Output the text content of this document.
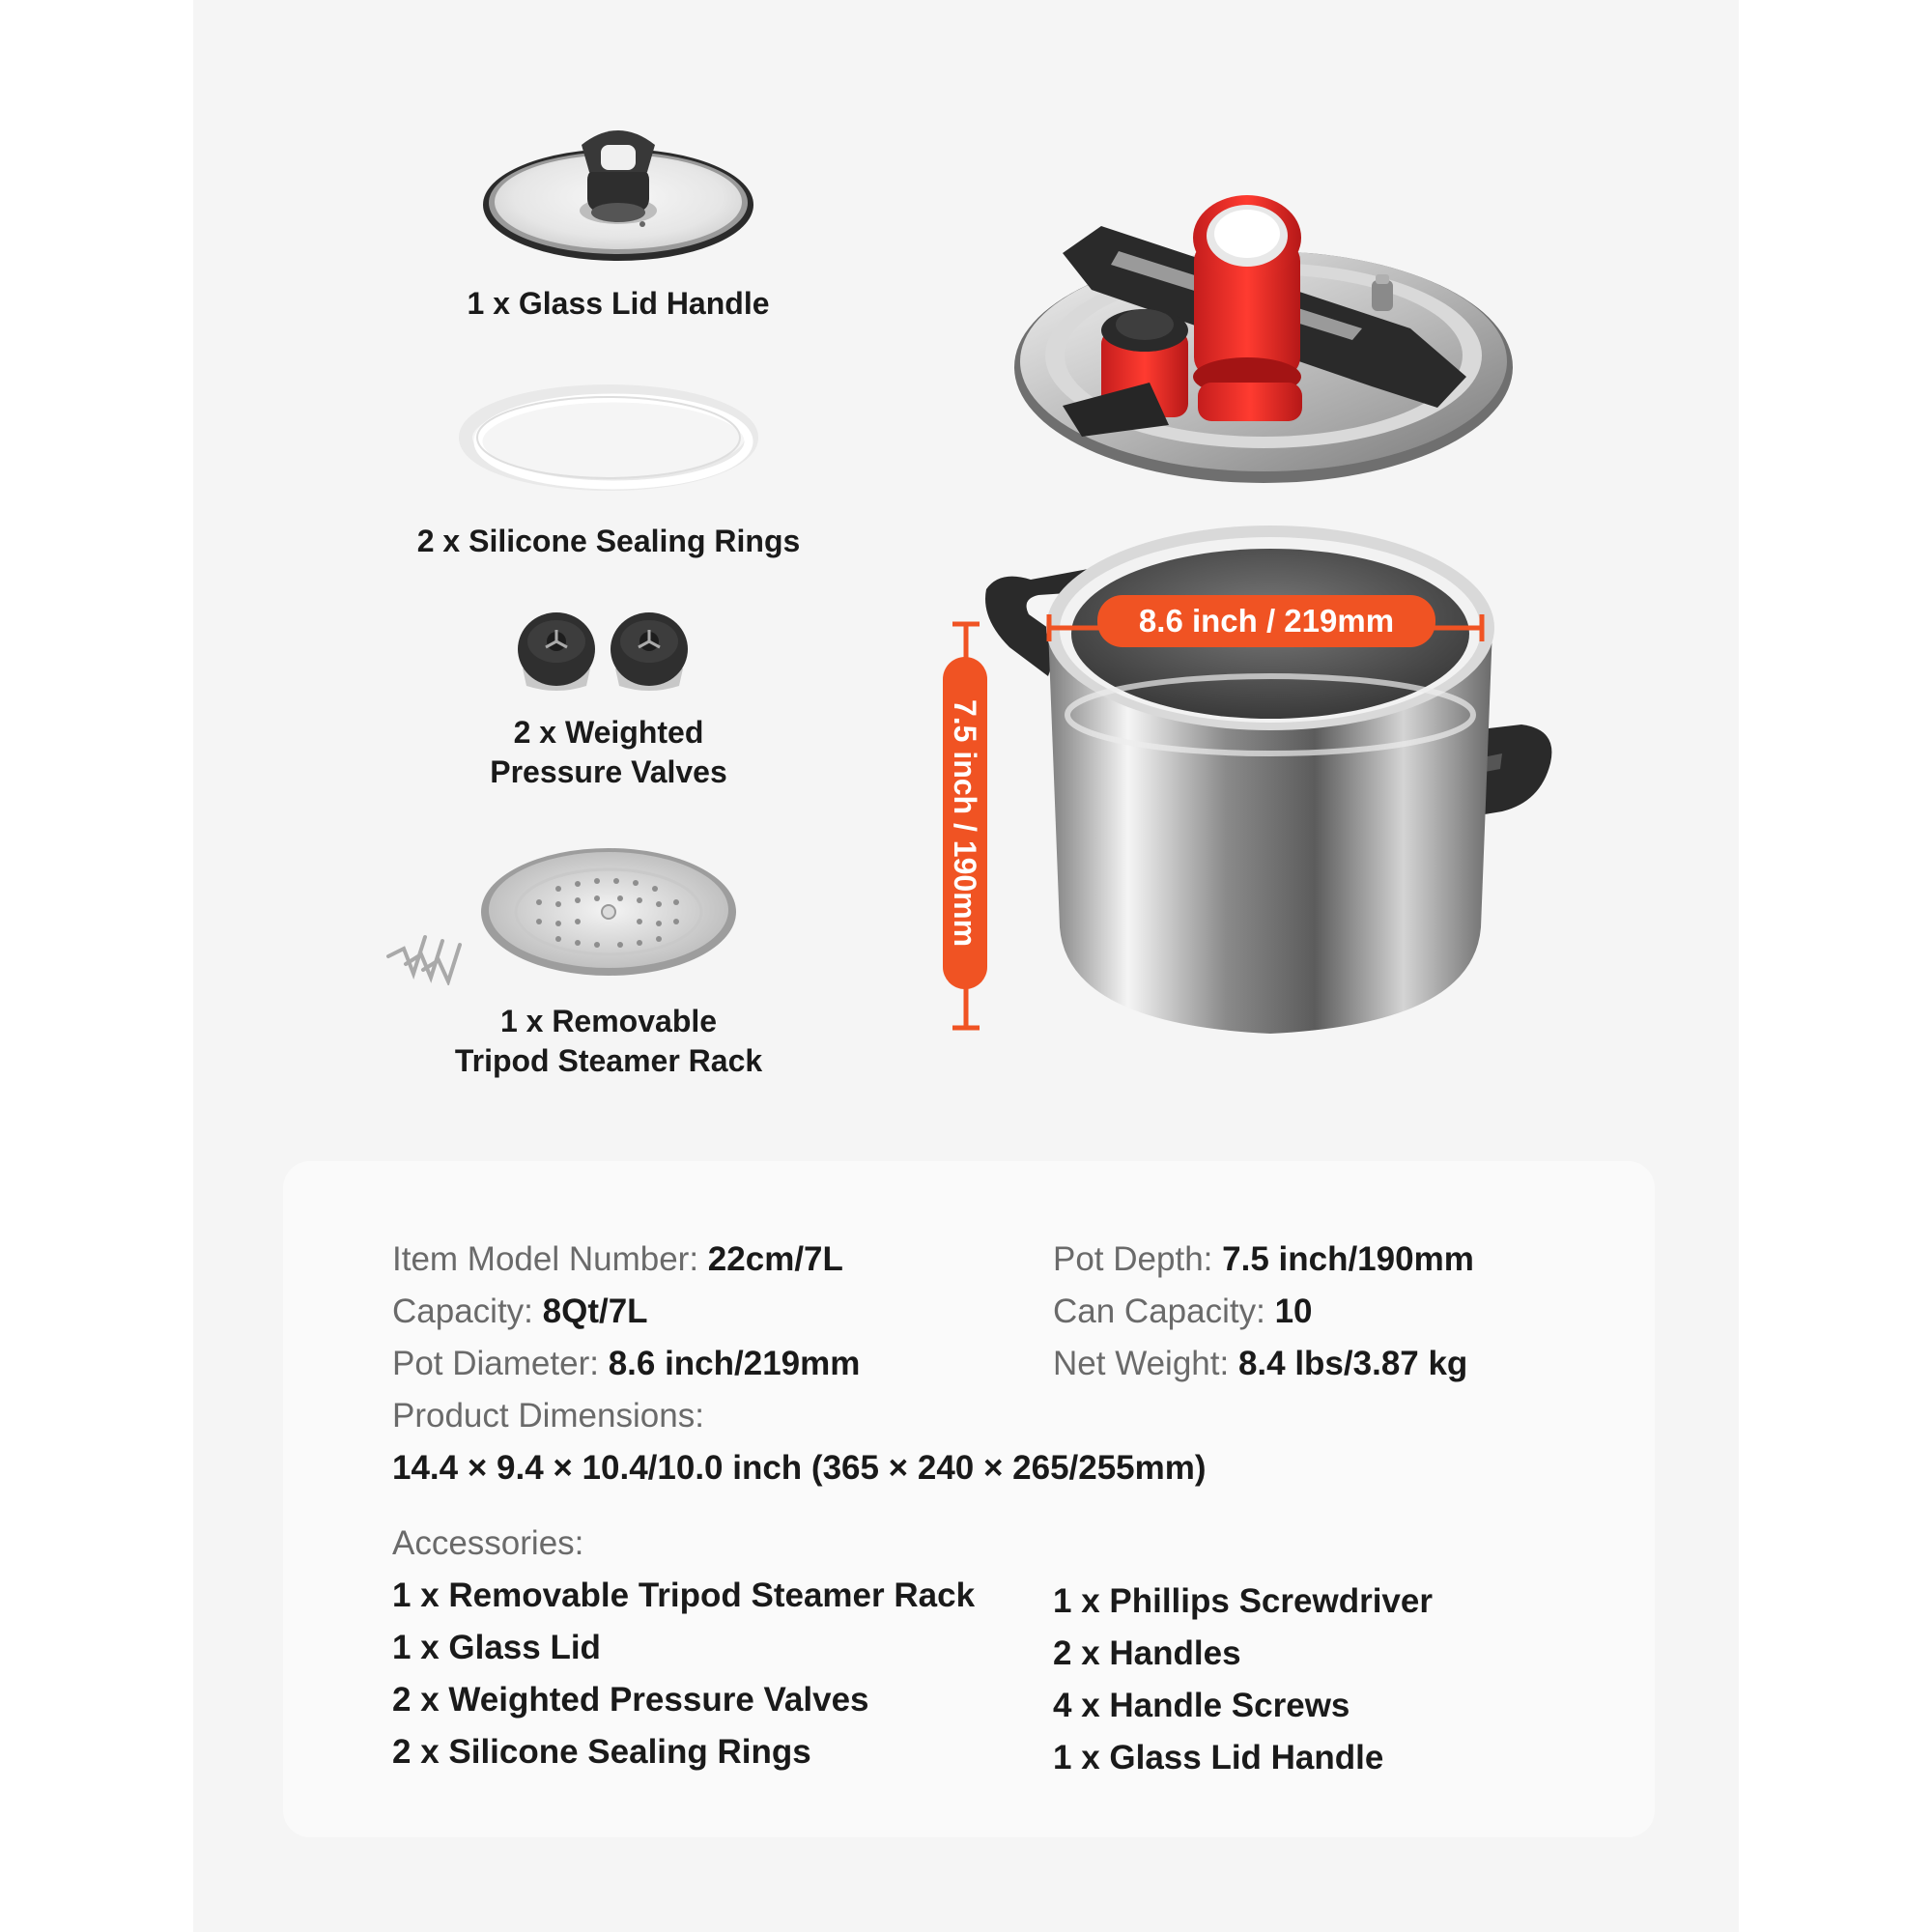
1 x Glass Lid Handle
2 x Silicone Sealing Rings
2 x Weighted
Pressure Valves
1 x Removable
Tripod Steamer Rack
8.6 inch / 219mm
7.5 inch / 190mm
Item Model Number: 22cm/7L
Capacity: 8Qt/7L
Pot Diameter: 8.6 inch/219mm
Pot Depth: 7.5 inch/190mm
Can Capacity: 10
Net Weight: 8.4 lbs/3.87 kg
Product Dimensions:
14.4 × 9.4 × 10.4/10.0 inch (365 × 240 × 265/255mm)
Accessories:
1 x Removable Tripod Steamer Rack
1 x Glass Lid
2 x Weighted Pressure Valves
2 x Silicone Sealing Rings
1 x Phillips Screwdriver
2 x Handles
4 x Handle Screws
1 x Glass Lid Handle
